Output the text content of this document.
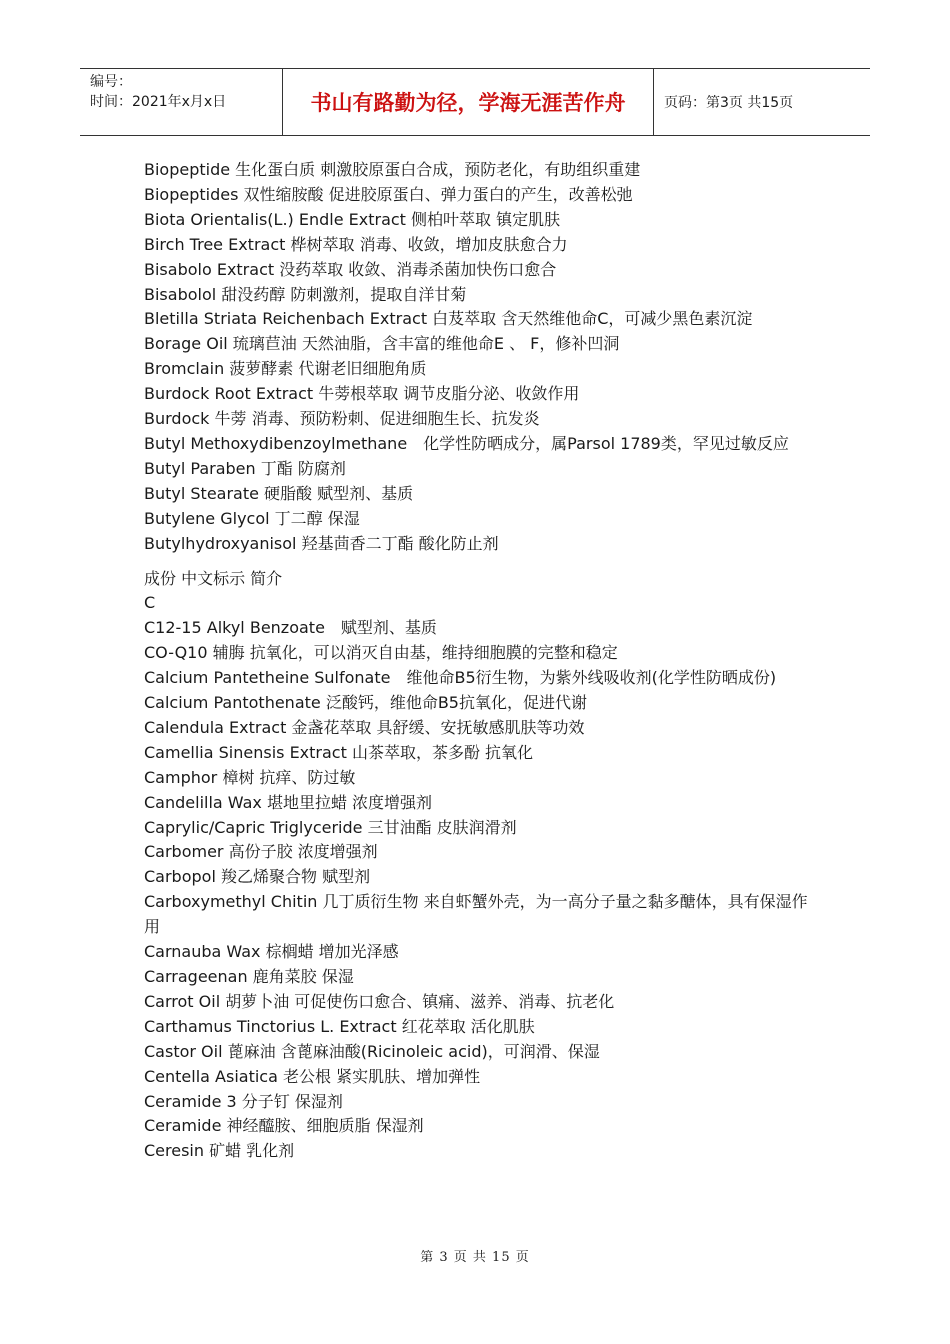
编号：
时间：2021年x月x日	书山有路勤为径，学海无涯苦作舟	页码：第3页 共15页
Biopeptide 生化蛋白质 刺激胶原蛋白合成，预防老化，有助组织重建
Biopeptides 双性缩胺酸 促进胶原蛋白、弹力蛋白的产生，改善松弛
Biota Orientalis(L.) Endle Extract 侧柏叶萃取 镇定肌肤
Birch Tree Extract 桦树萃取 消毒、收敛，增加皮肤愈合力
Bisabolo Extract 没药萃取 收敛、消毒杀菌加快伤口愈合
Bisabolol 甜没药醇 防刺激剂，提取自洋甘菊
Bletilla Striata Reichenbach Extract 白芨萃取 含天然维他命C，可减少黑色素沉淀
Borage Oil 琉璃苣油 天然油脂，含丰富的维他命E 、 F，修补凹洞
Bromclain 菠萝酵素 代谢老旧细胞角质
Burdock Root Extract 牛蒡根萃取 调节皮脂分泌、收敛作用
Burdock 牛蒡 消毒、预防粉刺、促进细胞生长、抗发炎
Butyl Methoxydibenzoylmethane　化学性防晒成分，属Parsol 1789类，罕见过敏反应
Butyl Paraben 丁酯 防腐剂
Butyl Stearate 硬脂酸 赋型剂、基质
Butylene Glycol 丁二醇 保湿
Butylhydroxyanisol 羟基茴香二丁酯 酸化防止剂
成份 中文标示 简介
C
C12-15 Alkyl Benzoate　赋型剂、基质
CO-Q10 辅脢 抗氧化，可以消灭自由基，维持细胞膜的完整和稳定
Calcium Pantetheine Sulfonate　维他命B5衍生物，为紫外线吸收剂(化学性防晒成份)
Calcium Pantothenate 泛酸钙，维他命B5抗氧化，促进代谢
Calendula Extract 金盏花萃取 具舒缓、安抚敏感肌肤等功效
Camellia Sinensis Extract 山茶萃取，茶多酚 抗氧化
Camphor 樟树 抗痒、防过敏
Candelilla Wax 堪地里拉蜡 浓度增强剂
Caprylic/Capric Triglyceride 三甘油酯 皮肤润滑剂
Carbomer 高份子胶 浓度增强剂
Carbopol 羧乙烯聚合物 赋型剂
Carboxymethyl Chitin 几丁质衍生物 来自虾蟹外壳，为一高分子量之黏多醣体，具有保湿作用
Carnauba Wax 棕榈蜡 增加光泽感
Carrageenan 鹿角菜胶 保湿
Carrot Oil 胡萝卜油 可促使伤口愈合、镇痛、滋养、消毒、抗老化
Carthamus Tinctorius L. Extract 红花萃取 活化肌肤
Castor Oil 蓖麻油 含蓖麻油酸(Ricinoleic acid)，可润滑、保湿
Centella Asiatica 老公根 紧实肌肤、增加弹性
Ceramide 3 分子钉 保湿剂
Ceramide 神经醯胺、细胞质脂 保湿剂
Ceresin 矿蜡 乳化剂
第 3 页 共 15 页
